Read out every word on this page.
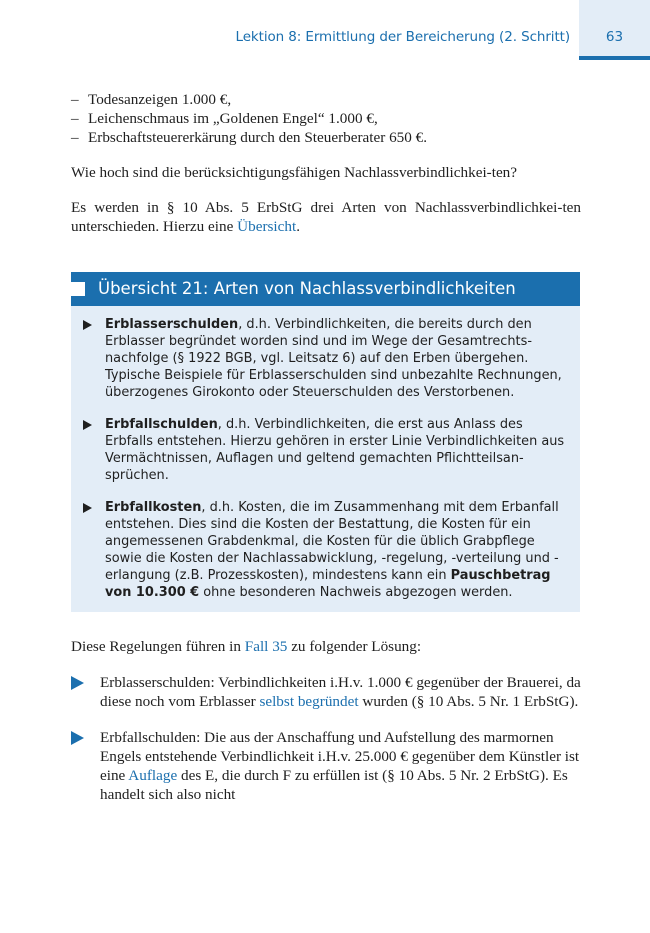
Lektion 8: Ermittlung der Bereicherung (2. Schritt)	63
– Todesanzeigen 1.000 €,
– Leichenschmaus im „Goldenen Engel“ 1.000 €,
– Erbschaftsteuererkärung durch den Steuerberater 650 €.

Wie hoch sind die berücksichtigungsfähigen Nachlassverbindlichkei-ten?

Es werden in § 10 Abs. 5 ErbStG drei Arten von Nachlassverbindlichkei-ten unterschieden. Hierzu eine Übersicht.

Übersicht 21: Arten von Nachlassverbindlichkeiten
Erblasserschulden, d.h. Verbindlichkeiten, die bereits durch den Erblasser begründet worden sind und im Wege der Gesamtrechts-nachfolge (§ 1922 BGB, vgl. Leitsatz 6) auf den Erben übergehen. Typische Beispiele für Erblasserschulden sind unbezahlte Rechnungen, überzogenes Girokonto oder Steuerschulden des Verstorbenen.
Erbfallschulden, d.h. Verbindlichkeiten, die erst aus Anlass des Erbfalls entstehen. Hierzu gehören in erster Linie Verbindlichkeiten aus Vermächtnissen, Auflagen und geltend gemachten Pflichtteilsan-sprüchen.
Erbfallkosten, d.h. Kosten, die im Zusammenhang mit dem Erbanfall entstehen. Dies sind die Kosten der Bestattung, die Kosten für ein angemessenen Grabdenkmal, die Kosten für die üblich Grabpflege sowie die Kosten der Nachlassabwicklung, -regelung, -verteilung und -erlangung (z.B. Prozesskosten), mindestens kann ein Pauschbetrag von 10.300 € ohne besonderen Nachweis abgezogen werden.

Diese Regelungen führen in Fall 35 zu folgender Lösung:

Erblasserschulden: Verbindlichkeiten i.H.v. 1.000 € gegenüber der Brauerei, da diese noch vom Erblasser selbst begründet wurden (§ 10 Abs. 5 Nr. 1 ErbStG).
Erbfallschulden: Die aus der Anschaffung und Aufstellung des marmornen Engels entstehende Verbindlichkeit i.H.v. 25.000 € gegenüber dem Künstler ist eine Auflage des E, die durch F zu erfüllen ist (§ 10 Abs. 5 Nr. 2 ErbStG). Es handelt sich also nicht
